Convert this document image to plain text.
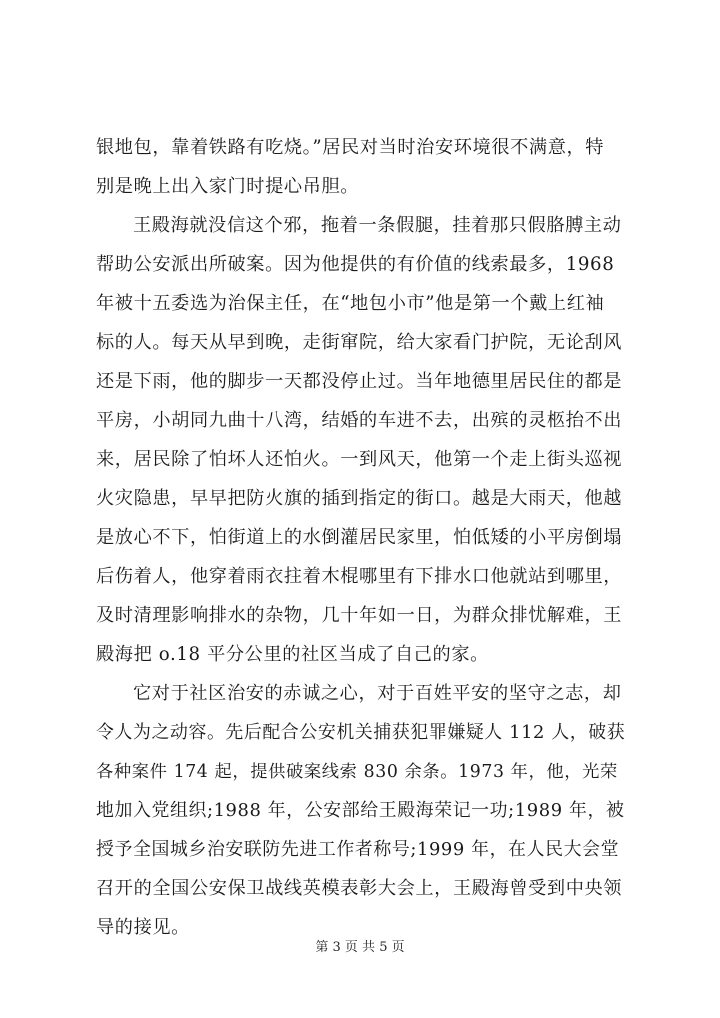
银地包，靠着铁路有吃烧。”居民对当时治安环境很不满意，特
别是晚上出入家门时提心吊胆。
王殿海就没信这个邪，拖着一条假腿，挂着那只假胳膊主动
帮助公安派出所破案。因为他提供的有价值的线索最多，1968
年被十五委选为治保主任，在“地包小市”他是第一个戴上红袖
标的人。每天从早到晚，走街窜院，给大家看门护院，无论刮风
还是下雨，他的脚步一天都没停止过。当年地德里居民住的都是
平房，小胡同九曲十八湾，结婚的车进不去，出殡的灵柩抬不出
来，居民除了怕坏人还怕火。一到风天，他第一个走上街头巡视
火灾隐患，早早把防火旗的插到指定的街口。越是大雨天，他越
是放心不下，怕街道上的水倒灌居民家里，怕低矮的小平房倒塌
后伤着人，他穿着雨衣拄着木棍哪里有下排水口他就站到哪里，
及时清理影响排水的杂物，几十年如一日，为群众排忧解难，王
殿海把 o.18 平分公里的社区当成了自己的家。
它对于社区治安的赤诚之心，对于百姓平安的坚守之志，却
令人为之动容。先后配合公安机关捕获犯罪嫌疑人 112 人，破获
各种案件 174 起，提供破案线索 830 余条。1973 年，他，光荣
地加入党组织;1988 年，公安部给王殿海荣记一功;1989 年，被
授予全国城乡治安联防先进工作者称号;1999 年，在人民大会堂
召开的全国公安保卫战线英模表彰大会上，王殿海曾受到中央领
导的接见。
第 3 页 共 5 页
